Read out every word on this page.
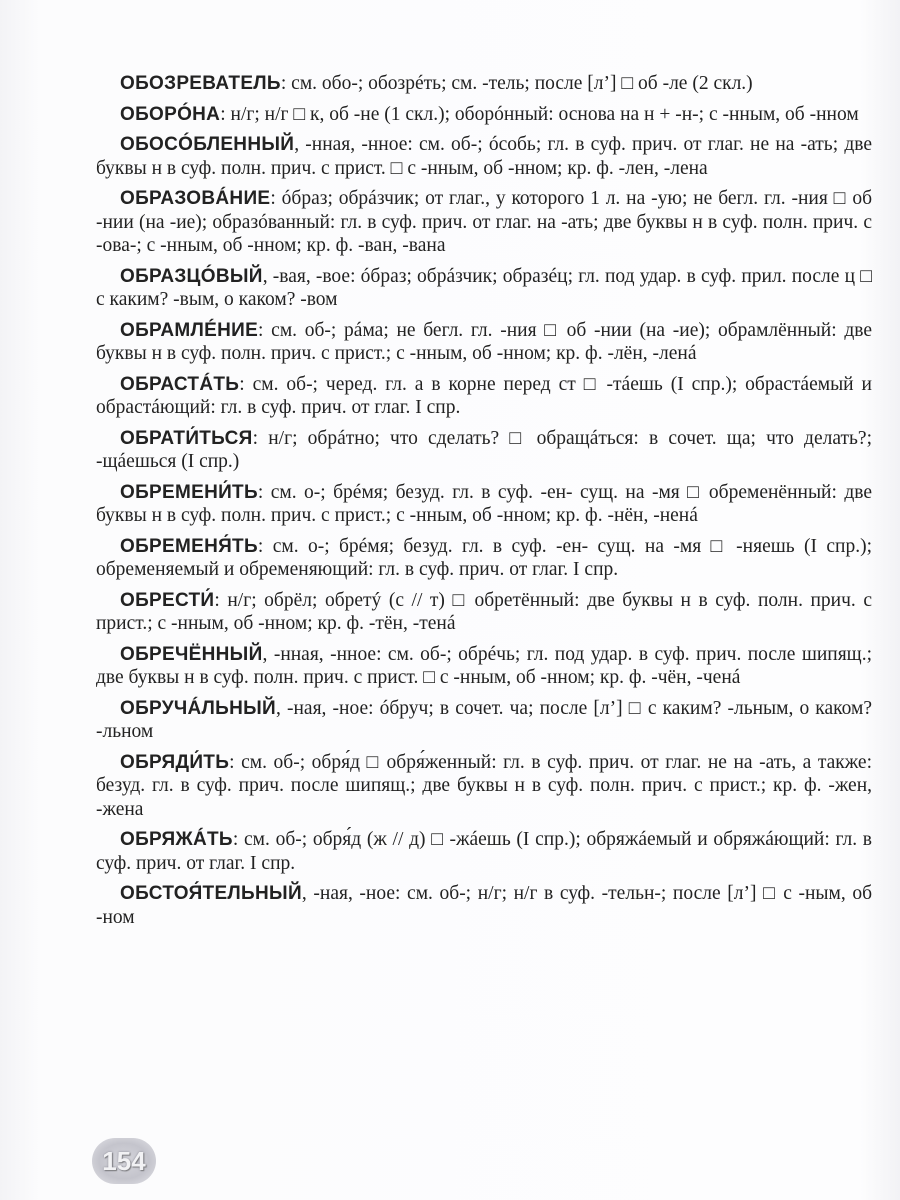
ОБОЗРЕВАТЕЛЬ: см. обо-; обозрéть; см. -тель; после [л’] □ об -ле (2 скл.)

ОБОРÓНА: н/г; н/г □ к, об -не (1 скл.); оборóнный: основа на н + -н-; с -нным, об -нном

ОБОСÓБЛЕННЫЙ, -нная, -нное: см. об-; óсобь; гл. в суф. прич. от глаг. не на -ать; две буквы н в суф. полн. прич. с прист. □ с -нным, об -нном; кр. ф. -лен, -лена

ОБРАЗОВÁНИЕ: óбраз; обрáзчик; от глаг., у которого 1 л. на -ую; не бегл. гл. -ния □ об -нии (на -ие); образóванный: гл. в суф. прич. от глаг. на -ать; две буквы н в суф. полн. прич. с -ова-; с -нным, об -нном; кр. ф. -ван, -вана

ОБРАЗЦÓВЫЙ, -вая, -вое: óбраз; обрáзчик; образéц; гл. под удар. в суф. прил. после ц □ с каким? -вым, о каком? -вом

ОБРАМЛÉНИЕ: см. об-; рáма; не бегл. гл. -ния □ об -нии (на -ие); обрамлённый: две буквы н в суф. полн. прич. с прист.; с -нным, об -нном; кр. ф. -лён, -ленá

ОБРАСТÁТЬ: см. об-; черед. гл. а в корне перед ст □ -тáешь (I спр.); обрастáемый и обрастáющий: гл. в суф. прич. от глаг. I спр.

ОБРАТИ́ТЬСЯ: н/г; обрáтно; что сделать? □ обращáться: в сочет. ща; что делать?; -щáешься (I спр.)

ОБРЕМЕНИ́ТЬ: см. о-; брéмя; безуд. гл. в суф. -ен- сущ. на -мя □ обременённый: две буквы н в суф. полн. прич. с прист.; с -нным, об -нном; кр. ф. -нён, -ненá

ОБРЕМЕНЯ́ТЬ: см. о-; брéмя; безуд. гл. в суф. -ен- сущ. на -мя □ -няешь (I спр.); обременяемый и обременяющий: гл. в суф. прич. от глаг. I спр.

ОБРЕСТИ́: н/г; обрёл; обретý (с // т) □ обретённый: две буквы н в суф. полн. прич. с прист.; с -нным, об -нном; кр. ф. -тён, -тенá

ОБРЕЧЁННЫЙ, -нная, -нное: см. об-; обрéчь; гл. под удар. в суф. прич. после шипящ.; две буквы н в суф. полн. прич. с прист. □ с -нным, об -нном; кр. ф. -чён, -ченá

ОБРУЧÁЛЬНЫЙ, -ная, -ное: óбруч; в сочет. ча; после [л’] □ с каким? -льным, о каком? -льном

ОБРЯДИ́ТЬ: см. об-; обря́д □ обря́женный: гл. в суф. прич. от глаг. не на -ать, а также: безуд. гл. в суф. прич. после шипящ.; две буквы н в суф. полн. прич. с прист.; кр. ф. -жен, -жена

ОБРЯЖÁТЬ: см. об-; обря́д (ж // д) □ -жáешь (I спр.); обряжáемый и обряжáющий: гл. в суф. прич. от глаг. I спр.

ОБСТОЯ́ТЕЛЬНЫЙ, -ная, -ное: см. об-; н/г; н/г в суф. -тельн-; после [л’] □ с -ным, об -ном

154
